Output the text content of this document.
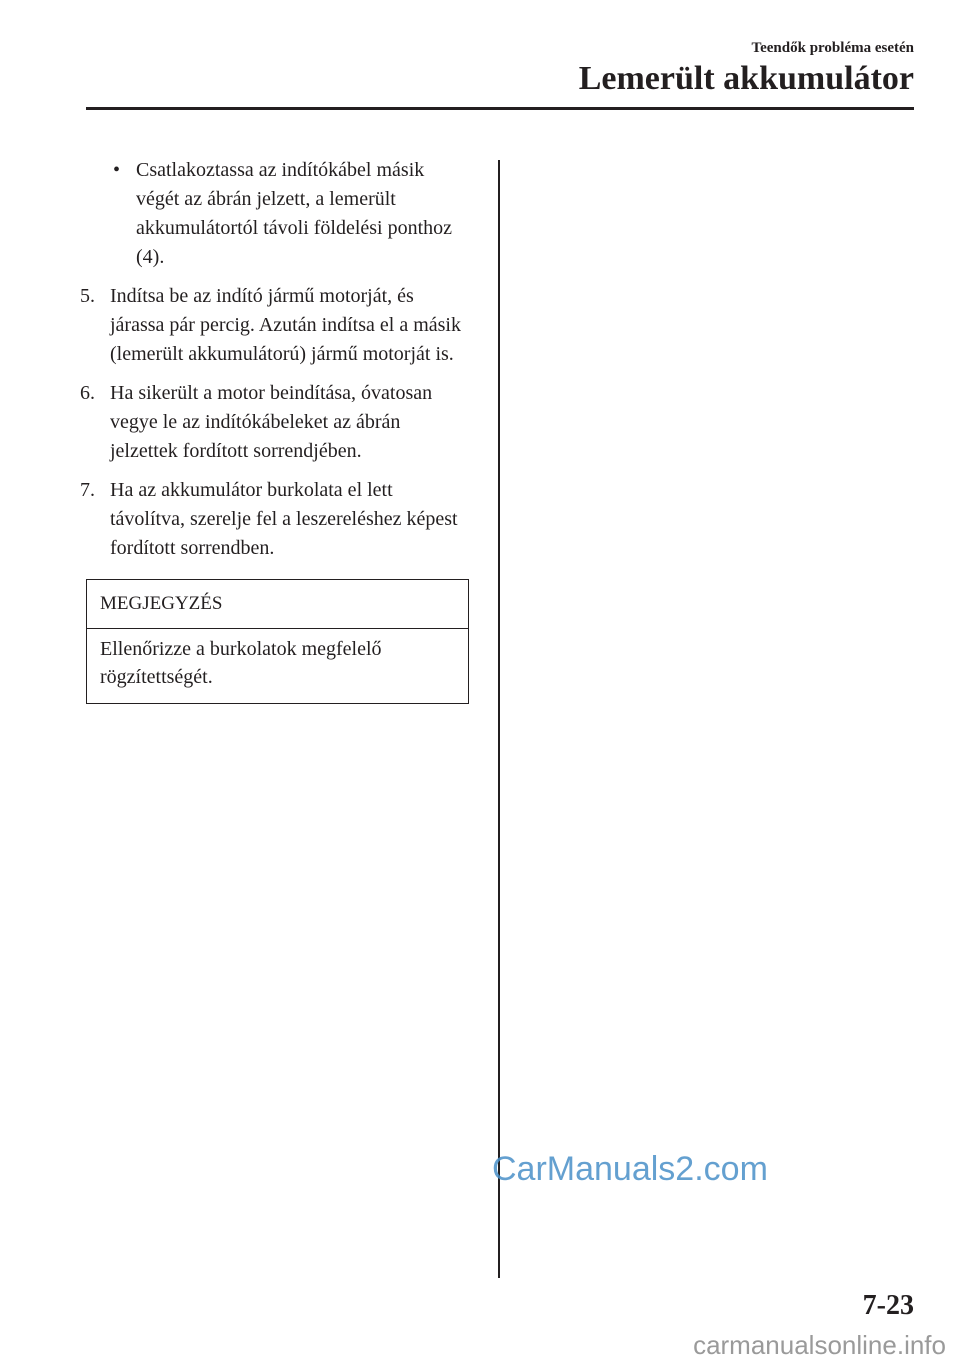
Teendők probléma esetén
Lemerült akkumulátor
• Csatlakoztassa az indítókábel másik végét az ábrán jelzett, a lemerült akkumulátortól távoli földelési ponthoz (4).
5. Indítsa be az indító jármű motorját, és járassa pár percig. Azután indítsa el a másik (lemerült akkumulátorú) jármű motorját is.
6. Ha sikerült a motor beindítása, óvatosan vegye le az indítókábeleket az ábrán jelzettek fordított sorrendjében.
7. Ha az akkumulátor burkolata el lett távolítva, szerelje fel a leszereléshez képest fordított sorrendben.
MEGJEGYZÉS
Ellenőrizze a burkolatok megfelelő rögzítettségét.
CarManuals2.com
7-23
carmanualsonline.info
